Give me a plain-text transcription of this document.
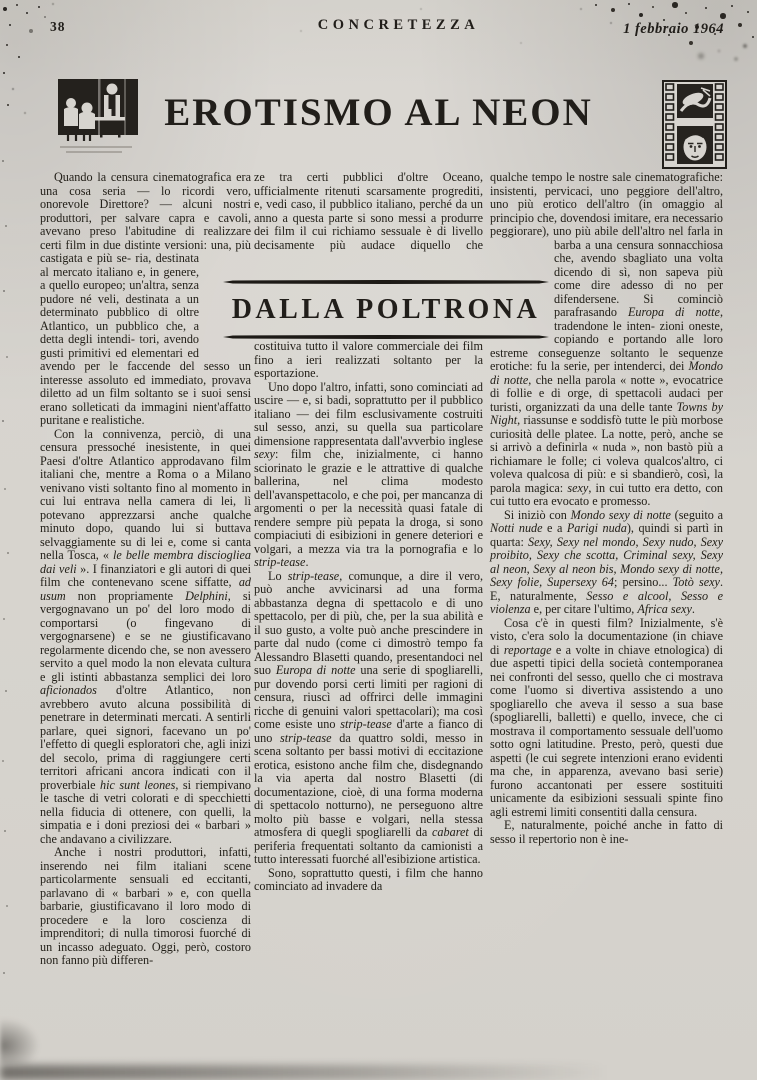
38	CONCRETEZZA	1 febbraio 1964
EROTISMO AL NEON
DALLA POLTRONA

Quando la censura cinematografica era una cosa seria — lo ricordi vero, onorevole Direttore? — alcuni nostri produttori, per salvare capra e cavoli, avevano preso l'abitudine di realizzare certi film in due distinte versioni: una, più castigata e più se- ria, destinata al mercato italiano e, in genere, a quello europeo; un'altra, senza pudore né veli, destinata a un determinato pubblico di oltre Atlantico, un pubblico che, a detta degli intendi- tori, avendo gusti primitivi ed elementari ed avendo per le faccende del sesso un interesse assoluto ed immediato, provava diletto ad un film soltanto se i suoi sensi erano solleticati da immagini nient'affatto puritane e realistiche.

Con la connivenza, perciò, di una censura pressoché inesistente, in quei Paesi d'oltre Atlantico approdavano film italiani che, mentre a Roma o a Milano venivano visti soltanto fino al momento in cui lui entrava nella camera di lei, lì potevano apprezzarsi anche qualche minuto dopo, quando lui si buttava selvaggiamente su di lei e, come si canta nella Tosca, « le belle membra disciogliea dai veli ». I finanziatori e gli autori di quei film che contenevano scene siffatte, ad usum non propriamente Delphini, si vergognavano un po' del loro modo di comportarsi (o fingevano di vergognarsene) e se ne giustificavano regolarmente dicendo che, se non avessero servito a quel modo la non elevata cultura e gli istinti abbastanza semplici dei loro aficionados d'oltre Atlantico, non avrebbero avuto alcuna possibilità di penetrare in determinati mercati. A sentirli parlare, quei signori, facevano un po' l'effetto di quegli esploratori che, agli inizi del secolo, prima di raggiungere certi territori africani ancora indicati con il proverbiale hic sunt leones, si riempivano le tasche di vetri colorati e di specchietti nella fiducia di ottenere, con quelli, la simpatia e i doni preziosi dei « barbari » che andavano a civilizzare.

Anche i nostri produttori, infatti, inserendo nei film italiani scene particolarmente sensuali ed eccitanti, parlavano di « barbari » e, con quella barbarie, giustificavano il loro modo di procedere e la loro coscienza di imprenditori; di nulla timorosi fuorché di un incasso adeguato. Oggi, però, costoro non fanno più differen-

ze tra certi pubblici d'oltre Oceano, ufficialmente ritenuti scarsamente progrediti, e, vedi caso, il pubblico italiano, perché da un anno a questa parte si sono messi a produrre dei film il cui richiamo sessuale è di livello decisamente più audace di
quello che costituiva tutto il valore commerciale dei film fino a ieri realizzati soltanto per la esportazione.

Uno dopo l'altro, infatti, sono cominciati ad uscire — e, si badi, soprattutto per il pubblico italiano — dei film esclusivamente costruiti sul sesso, anzi, su quella sua particolare dimensione rappresentata dall'avverbio inglese sexy: film che, inizialmente, ci hanno sciorinato le grazie e le attrattive di qualche ballerina, nel clima modesto dell'avanspettacolo, e che poi, per mancanza di argomenti o per la necessità quasi fatale di rendere sempre più pepata la droga, si sono compiaciuti di esibizioni in genere deteriori e volgari, a mezza via tra la pornografia e lo strip-tease.

Lo strip-tease, comunque, a dire il vero, può anche avvicinarsi ad una forma abbastanza degna di spettacolo e di uno spettacolo, per di più, che, per la sua abilità e il suo gusto, a volte può anche prescindere in parte dal nudo (come ci dimostrò tempo fa Alessandro Blasetti quando, presentandoci nel suo Europa di notte una serie di spogliarelli, pur dovendo porsi certi limiti per ragioni di censura, riuscì ad offrirci delle immagini ricche di genuini valori spettacolari); ma così come esiste uno strip-tease d'arte a fianco di uno strip-tease da quattro soldi, messo in scena soltanto per bassi motivi di eccitazione erotica, esistono anche film che, disdegnando la via aperta dal nostro Blasetti (di documentazione, cioè, di una forma moderna di spettacolo notturno), ne perseguono altre molto più basse e volgari, nella stessa atmosfera di quegli spogliarelli da cabaret di periferia frequentati soltanto da camionisti a tutto interessati fuorché all'esibizione artistica.

Sono, soprattutto questi, i film che hanno cominciato ad invadere da

qualche tempo le nostre sale cinematografiche: insistenti, pervicaci, uno peggiore dell'altro, uno più erotico dell'altro (in omaggio al principio che, dovendosi imitare, era necessario peggiorare), uno più abile dell'altro nel farla in barba a una censura sonnacchiosa che, avendo sbagliato una volta dicendo di sì, non sapeva più come dire adesso di no per difendersene. Si cominciò parafrasando Europa di notte, tradendone le inten- zioni oneste, copiando e portando alle loro estreme conseguenze soltanto le sequenze erotiche: fu la serie, per intenderci, dei Mondo di notte, che nella parola « notte », evocatrice di follie e di orge, di spettacoli audaci per turisti, organizzati da una delle tante Towns by Night, riassunse e soddisfò tutte le più morbose curiosità delle platee. La notte, però, anche se si arrivò a definirla « nuda », non bastò più a richiamare le folle; ci voleva qualcos'altro, ci voleva qualcosa di più: e si sbandierò, così, la parola magica: sexy, in cui tutto era detto, con cui tutto era evocato e promesso.

Si iniziò con Mondo sexy di notte (seguito a Notti nude e a Parigi nuda), quindi si partì in quarta: Sexy, Sexy nel mondo, Sexy nudo, Sexy proibito, Sexy che scotta, Criminal sexy, Sexy al neon, Sexy al neon bis, Mondo sexy di notte, Sexy folie, Supersexy 64; persino... Totò sexy. E, naturalmente, Sesso e alcool, Sesso e violenza e, per citare l'ultimo, Africa sexy.

Cosa c'è in questi film? Inizialmente, s'è visto, c'era solo la documentazione (in chiave di reportage e a volte in chiave etnologica) di due aspetti tipici della società contemporanea nei confronti del sesso, quello che ci mostrava come l'uomo si divertiva assistendo a uno spogliarello che aveva il sesso a sua base (spogliarelli, balletti) e quello, invece, che ci mostrava il comportamento sessuale dell'uomo sotto ogni latitudine. Presto, però, questi due aspetti (le cui segrete intenzioni erano evidenti ma che, in apparenza, avevano basi serie) furono accantonati per essere sostituiti unicamente da esibizioni sessuali spinte fino agli estremi limiti consentiti dalla censura.

E, naturalmente, poiché anche in fatto di sesso il repertorio non è ine-
